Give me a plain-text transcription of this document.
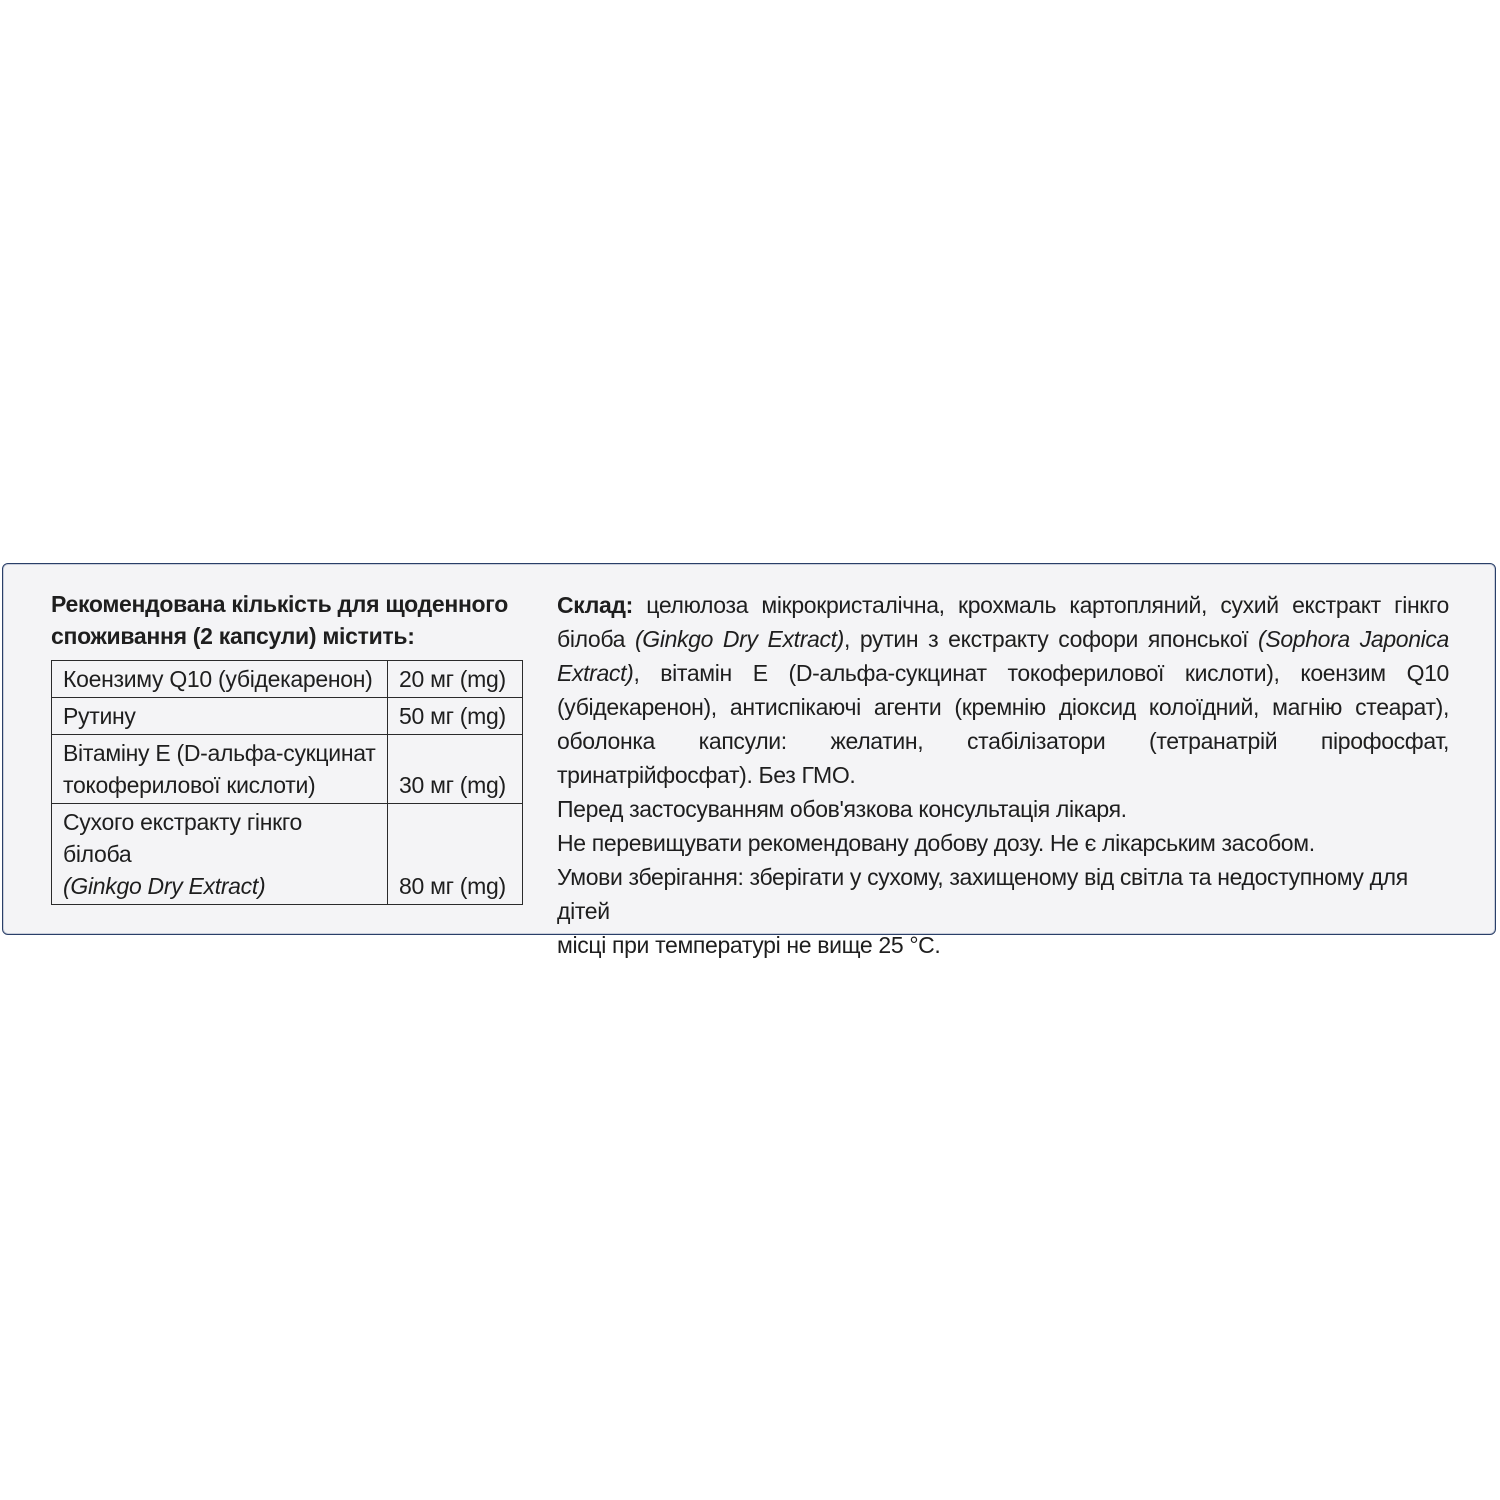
Рекомендована кількість для щоденного
споживання (2 капсули) містить:
Коензиму Q10 (убідекаренон)	20 мг (mg)
Рутину	50 мг (mg)
Вітаміну Е (D-альфа-сукцинат
токоферилової кислоти)	30 мг (mg)
Сухого екстракту гінкго білоба
(Ginkgo Dry Extract)	80 мг (mg)

Склад: целюлоза мікрокристалічна, крохмаль картопляний, сухий екстракт гінкго білоба (Ginkgo Dry Extract), рутин з екстракту софори японської (Sophora Japonica Extract), вітамін Е (D-альфа-сукцинат токоферилової кислоти), коензим Q10 (убідекаренон), антиспікаючі агенти (кремнію діоксид колоїдний, магнію стеарат), оболонка капсули: желатин, стабілізатори (тетранатрій пірофосфат, тринатрійфосфат). Без ГМО.

Перед застосуванням обов'язкова консультація лікаря.

Не перевищувати рекомендовану добову дозу. Не є лікарським засобом.

Умови зберігання: зберігати у сухому, захищеному від світла та недоступному для дітей
місці при температурі не вище 25 °С.
